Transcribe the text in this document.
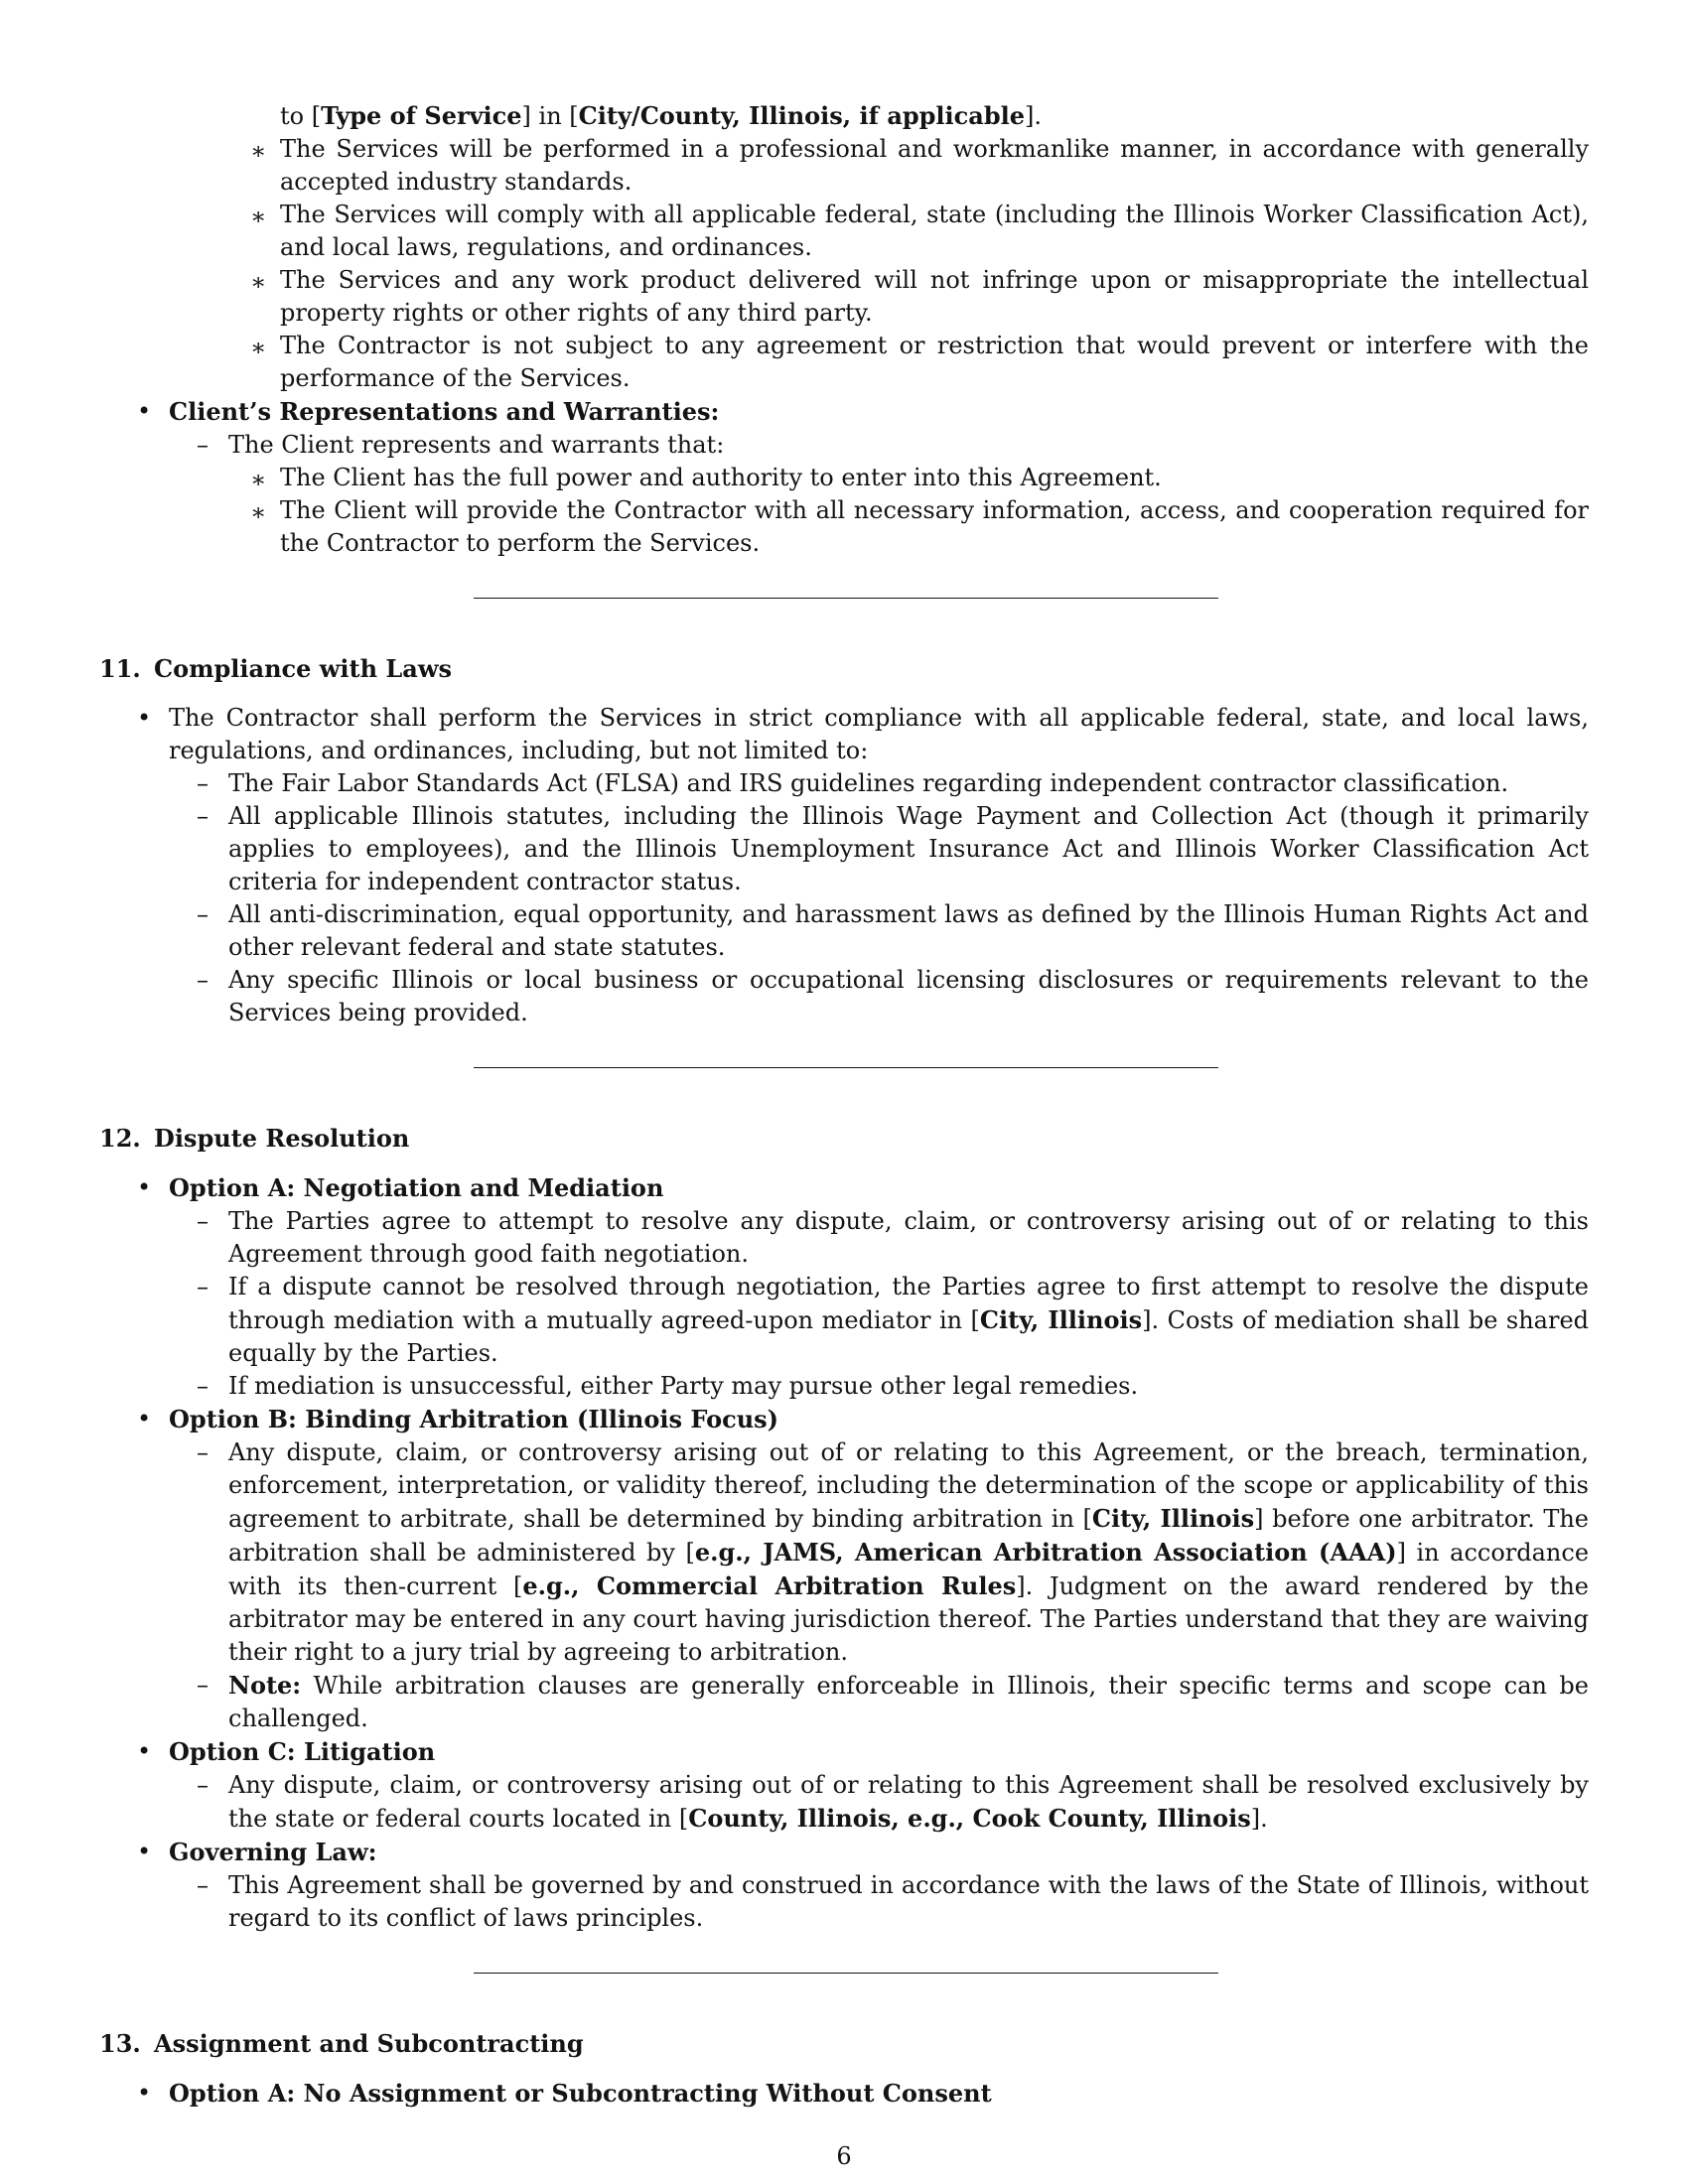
to [Type of Service] in [City/County, Illinois, if applicable].

∗ The Services will be performed in a professional and workmanlike manner, in accordance with generally accepted industry standards.

∗ The Services will comply with all applicable federal, state (including the Illinois Worker Classification Act), and local laws, regulations, and ordinances.

∗ The Services and any work product delivered will not infringe upon or misappropriate the intellectual property rights or other rights of any third party.

∗ The Contractor is not subject to any agreement or restriction that would prevent or interfere with the performance of the Services.

• Client’s Representations and Warranties:

– The Client represents and warrants that:

∗ The Client has the full power and authority to enter into this Agreement.

∗ The Client will provide the Contractor with all necessary information, access, and cooperation required for the Contractor to perform the Services.

11. Compliance with Laws

• The Contractor shall perform the Services in strict compliance with all applicable federal, state, and local laws, regulations, and ordinances, including, but not limited to:

– The Fair Labor Standards Act (FLSA) and IRS guidelines regarding independent contractor classification.

– All applicable Illinois statutes, including the Illinois Wage Payment and Collection Act (though it primarily applies to employees), and the Illinois Unemployment Insurance Act and Illinois Worker Classification Act criteria for independent contractor status.

– All anti-discrimination, equal opportunity, and harassment laws as defined by the Illinois Human Rights Act and other relevant federal and state statutes.

– Any specific Illinois or local business or occupational licensing disclosures or requirements relevant to the Services being provided.

12. Dispute Resolution

• Option A: Negotiation and Mediation

– The Parties agree to attempt to resolve any dispute, claim, or controversy arising out of or relating to this Agreement through good faith negotiation.

– If a dispute cannot be resolved through negotiation, the Parties agree to first attempt to resolve the dispute through mediation with a mutually agreed-upon mediator in [City, Illinois]. Costs of mediation shall be shared equally by the Parties.

– If mediation is unsuccessful, either Party may pursue other legal remedies.

• Option B: Binding Arbitration (Illinois Focus)

– Any dispute, claim, or controversy arising out of or relating to this Agreement, or the breach, termination, enforcement, interpretation, or validity thereof, including the determination of the scope or applicability of this agreement to arbitrate, shall be determined by binding arbitration in [City, Illinois] before one arbitrator. The arbitration shall be administered by [e.g., JAMS, American Arbitration Association (AAA)] in accordance with its then-current [e.g., Commercial Arbitration Rules]. Judgment on the award rendered by the arbitrator may be entered in any court having jurisdiction thereof. The Parties understand that they are waiving their right to a jury trial by agreeing to arbitration.

– Note: While arbitration clauses are generally enforceable in Illinois, their specific terms and scope can be challenged.

• Option C: Litigation

– Any dispute, claim, or controversy arising out of or relating to this Agreement shall be resolved exclusively by the state or federal courts located in [County, Illinois, e.g., Cook County, Illinois].

• Governing Law:

– This Agreement shall be governed by and construed in accordance with the laws of the State of Illinois, without regard to its conflict of laws principles.

13. Assignment and Subcontracting

• Option A: No Assignment or Subcontracting Without Consent

6
